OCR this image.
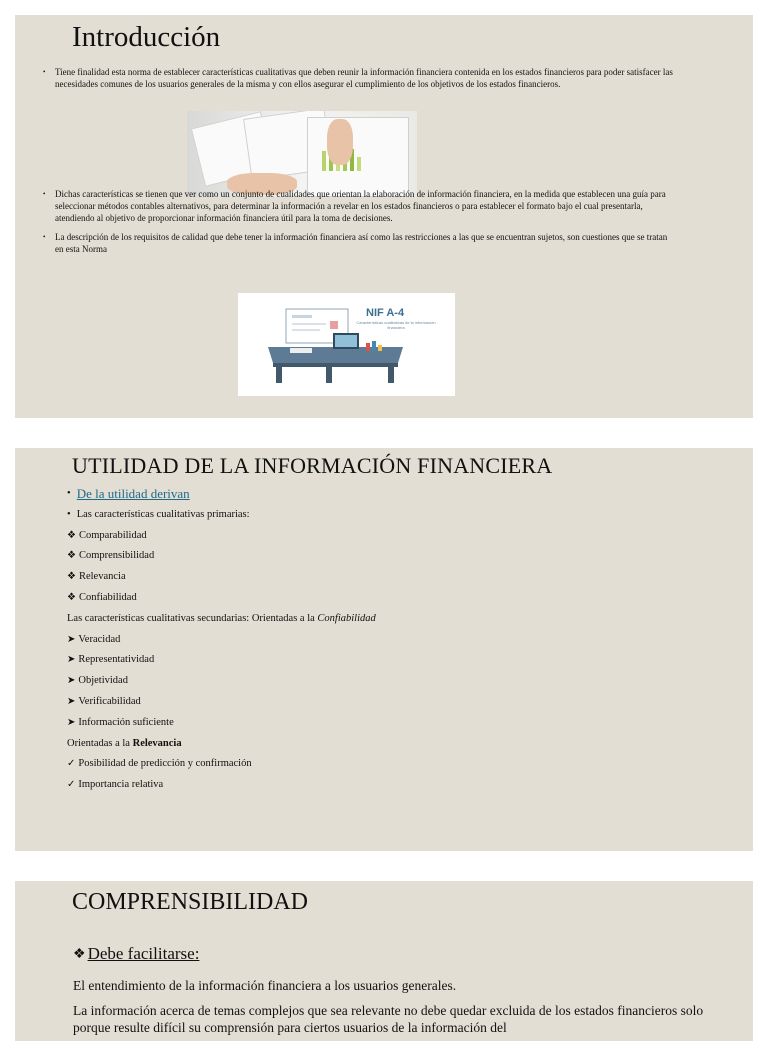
Introducción

•	Tiene finalidad esta norma de establecer características cualitativas que deben reunir la información financiera contenida en los estados financieros para poder satisfacer las necesidades comunes de los usuarios generales de la misma y con ellos asegurar el cumplimiento de los objetivos de los estados financieros.

•	Dichas características se tienen que ver como un conjunto de cualidades que orientan la elaboración de información financiera, en la medida que establecen una guía para seleccionar métodos contables alternativos, para determinar la información a revelar en los estados financieros o para establecer el formato bajo el cual presentarla, atendiendo al objetivo de proporcionar información financiera útil para la toma de decisiones.

•	La descripción de los requisitos de calidad que debe tener la información financiera así como las restricciones a las que se encuentran sujetos, son cuestiones que se tratan en esta Norma

NIF A-4
Características cualitativas de la información financiera
UTILIDAD DE LA INFORMACIÓN FINANCIERA
• De la utilidad derivan
• Las características cualitativas primarias:
❖ Comparabilidad
❖ Comprensibilidad
❖ Relevancia
❖ Confiabilidad
Las características cualitativas secundarias: Orientadas a la
Confiabilidad
➤ Veracidad
➤ Representatividad
➤ Objetividad
➤ Verificabilidad
➤ Información suficiente
Orientadas a la
Relevancia
✓ Posibilidad de predicción y confirmación
✓ Importancia relativa
COMPRENSIBILIDAD
❖ Debe facilitarse:

El entendimiento de la información financiera a los usuarios generales.

La información acerca de temas complejos que sea relevante no debe quedar excluida de los estados financieros solo porque resulte difícil su comprensión para ciertos usuarios de la información del
